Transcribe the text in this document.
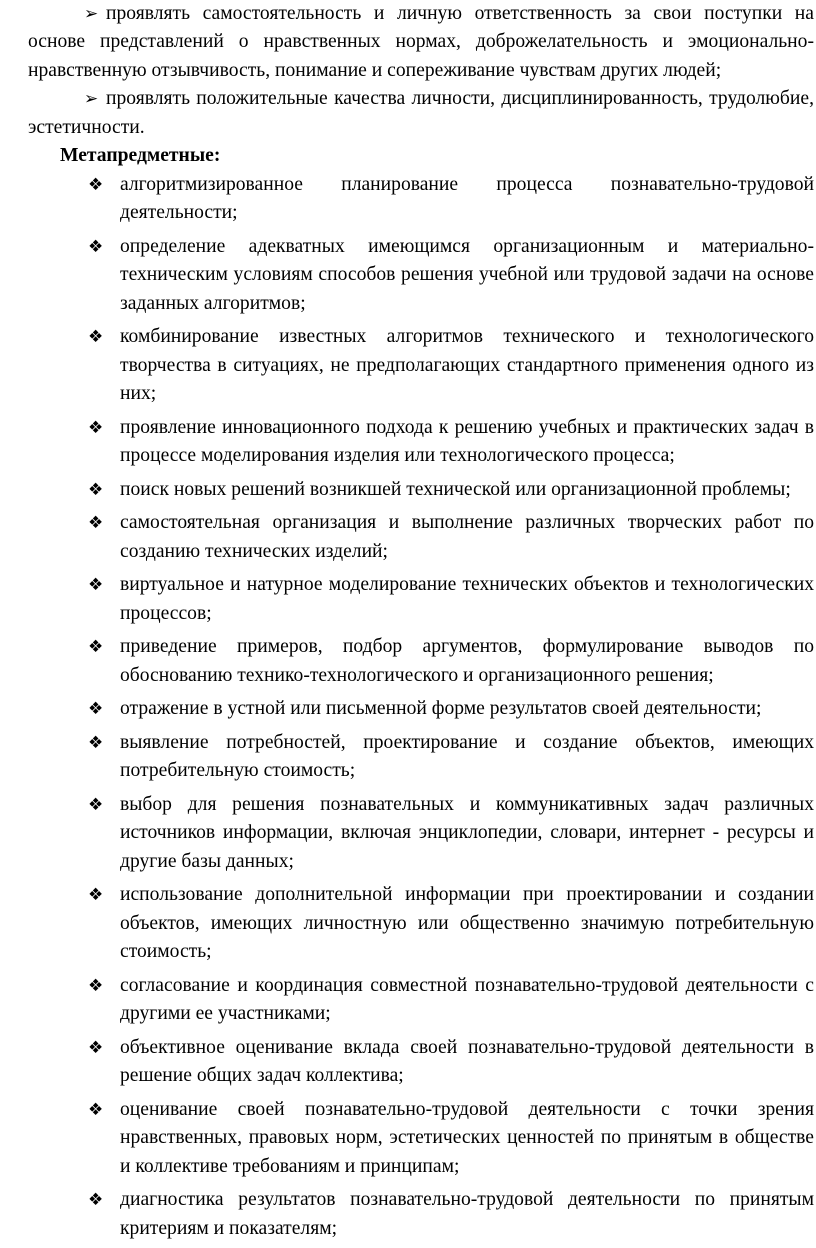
➢ проявлять самостоятельность и личную ответственность за свои поступки на основе представлений о нравственных нормах, доброжелательность и эмоционально-нравственную отзывчивость, понимание и сопереживание чувствам других людей;

➢ проявлять положительные качества личности, дисциплинированность, трудолюбие, эстетичности.

Метапредметные:
❖ алгоритмизированное планирование процесса познавательно-трудовой деятельности;
❖ определение адекватных имеющимся организационным и материально-техническим условиям способов решения учебной или трудовой задачи на основе заданных алгоритмов;
❖ комбинирование известных алгоритмов технического и технологического творчества в ситуациях, не предполагающих стандартного применения одного из них;
❖ проявление инновационного подхода к решению учебных и практических задач в процессе моделирования изделия или технологического процесса;
❖ поиск новых решений возникшей технической или организационной проблемы;
❖ самостоятельная организация и выполнение различных творческих работ по созданию технических изделий;
❖ виртуальное и натурное моделирование технических объектов и технологических процессов;
❖ приведение примеров, подбор аргументов, формулирование выводов по обоснованию технико-технологического и организационного решения;
❖ отражение в устной или письменной форме результатов своей деятельности;
❖ выявление потребностей, проектирование и создание объектов, имеющих потребительную стоимость;
❖ выбор для решения познавательных и коммуникативных задач различных источников информации, включая энциклопедии, словари, интернет - ресурсы и другие базы данных;
❖ использование дополнительной информации при проектировании и создании объектов, имеющих личностную или общественно значимую потребительную стоимость;
❖ согласование и координация совместной познавательно-трудовой деятельности с другими ее участниками;
❖ объективное оценивание вклада своей познавательно-трудовой деятельности в решение общих задач коллектива;
❖ оценивание своей познавательно-трудовой деятельности с точки зрения нравственных, правовых норм, эстетических ценностей по принятым в обществе и коллективе требованиям и принципам;
❖ диагностика результатов познавательно-трудовой деятельности по принятым критериям и показателям;
